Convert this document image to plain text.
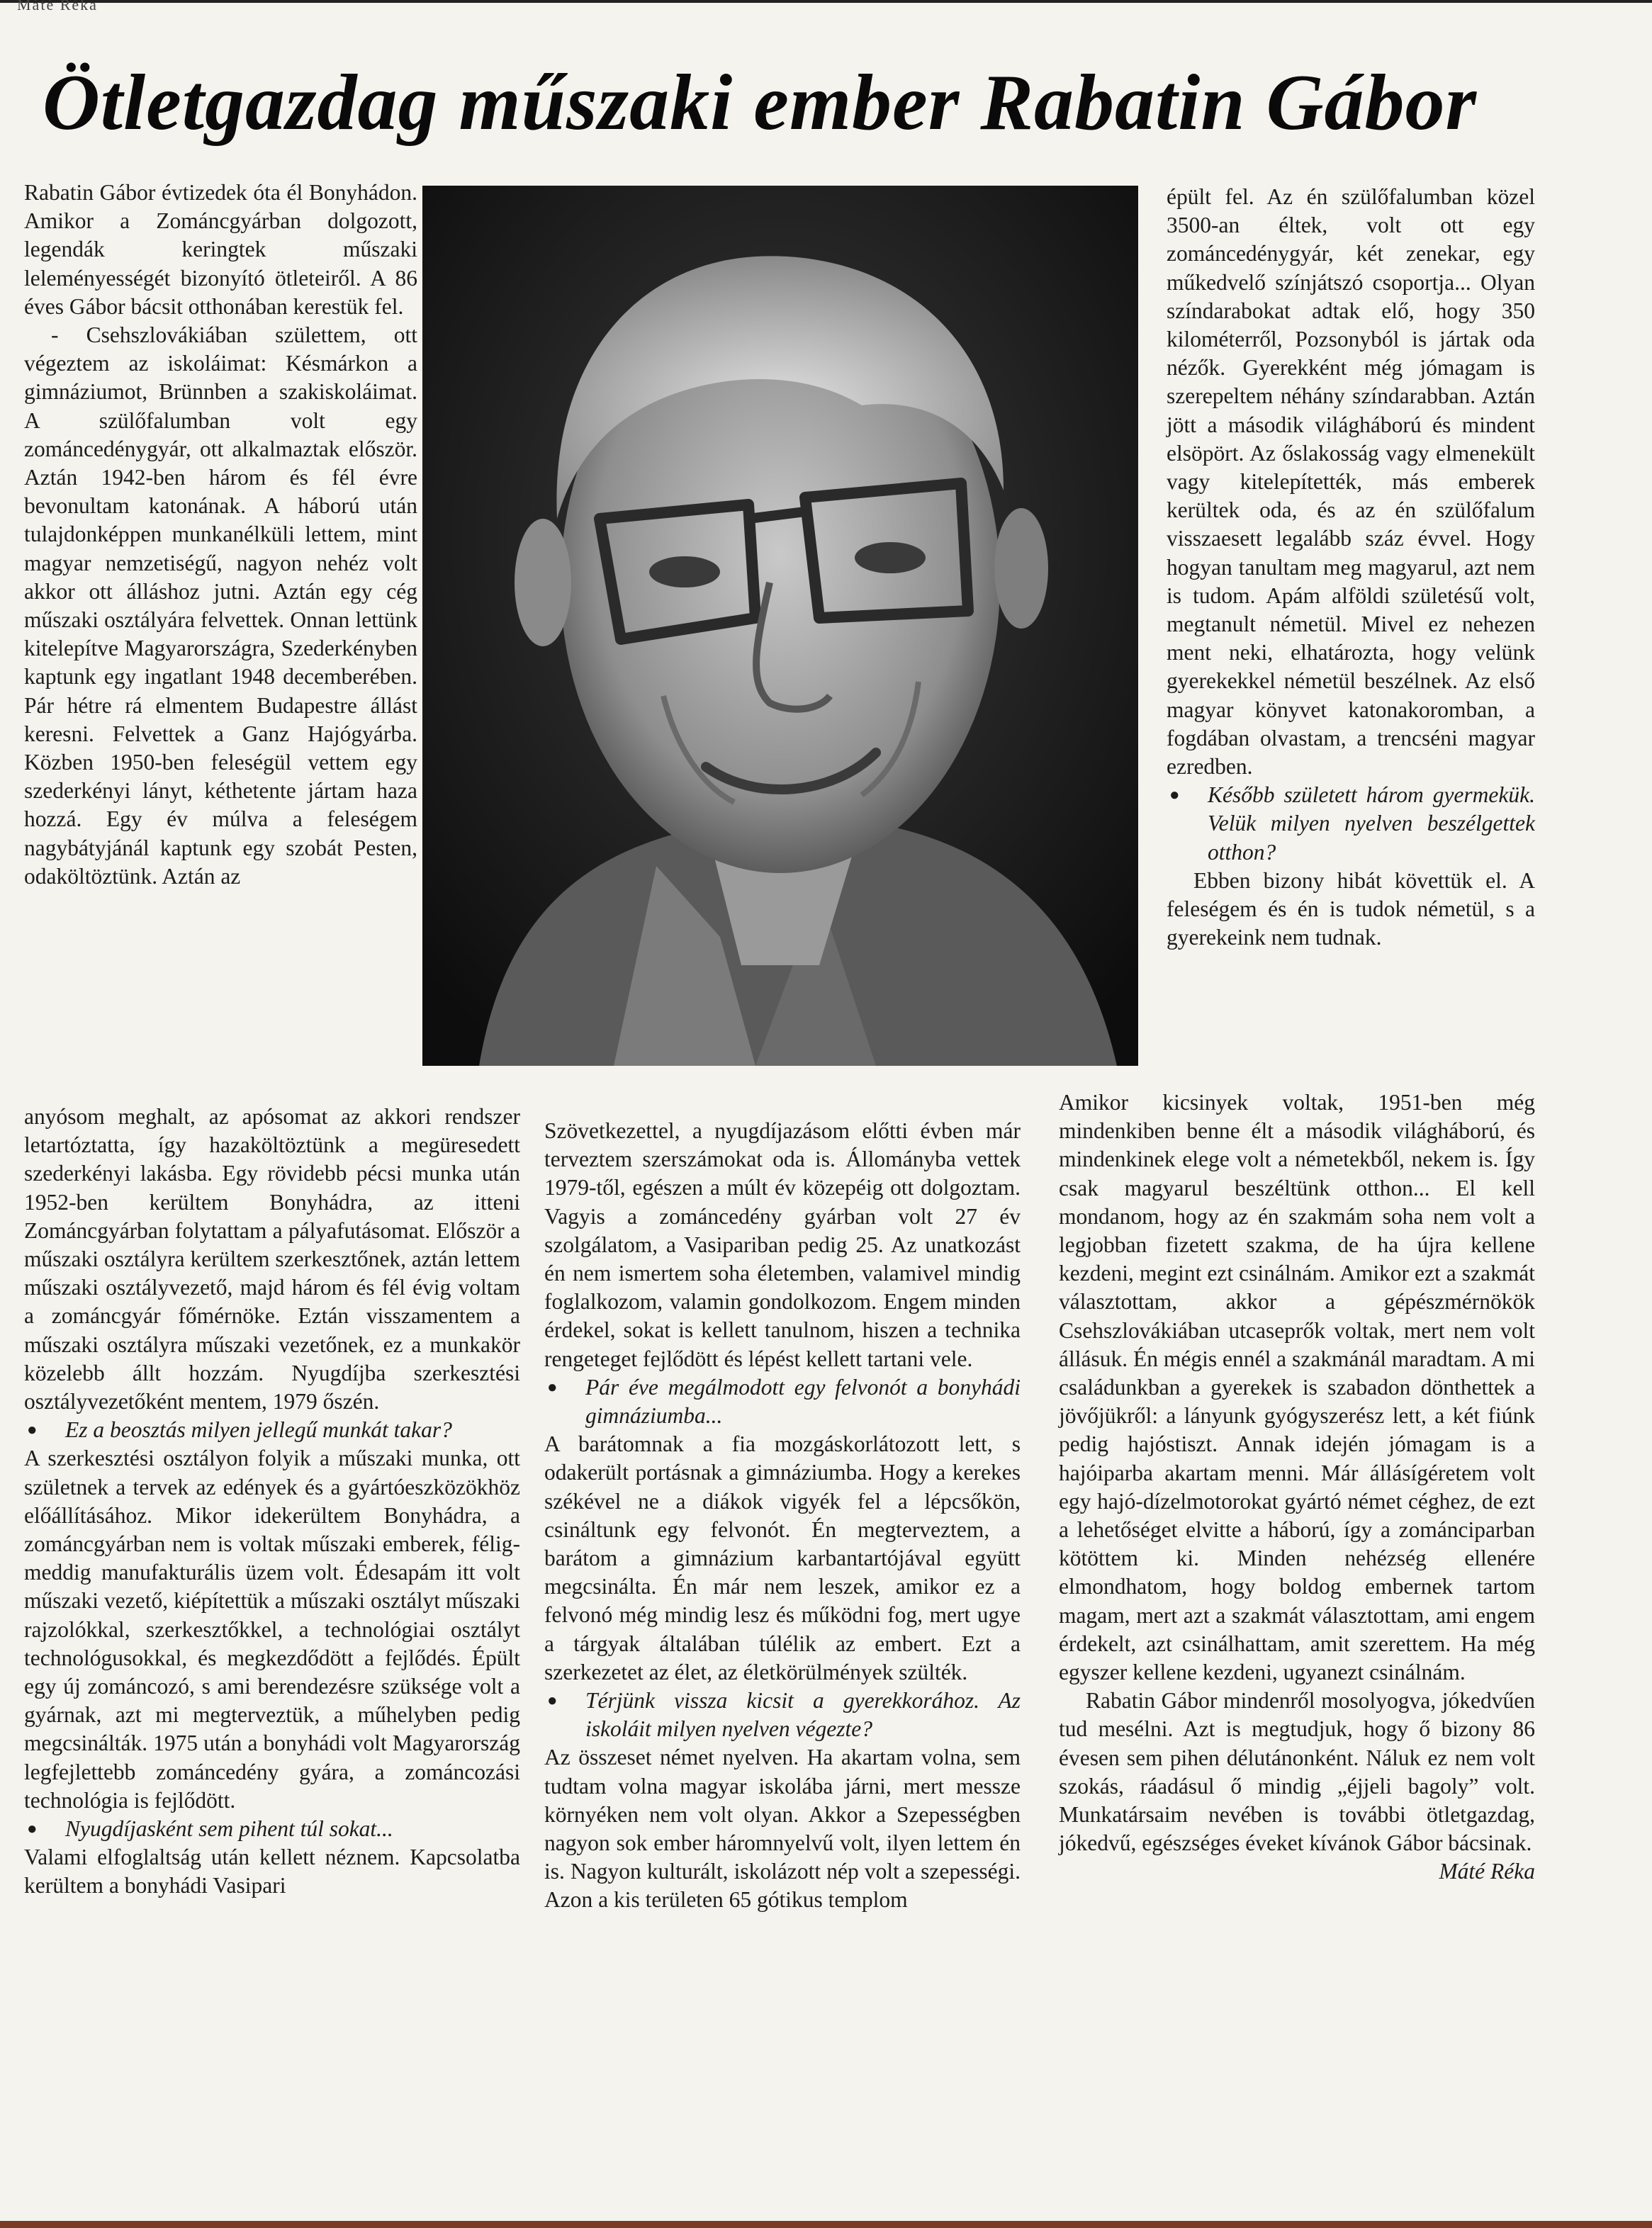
Máté Réka
Ötletgazdag műszaki ember Rabatin Gábor

Rabatin Gábor évtizedek óta él Bonyhádon. Amikor a Zománcgyárban dolgozott, legendák keringtek műszaki leleményességét bizonyító ötleteiről. A 86 éves Gábor bácsit otthonában kerestük fel.

- Csehszlovákiában születtem, ott végeztem az iskoláimat: Késmárkon a gimnáziumot, Brünnben a szakiskoláimat. A szülőfalumban volt egy zománcedénygyár, ott alkalmaztak először. Aztán 1942-ben három és fél évre bevonultam katonának. A háború után tulajdonképpen munkanélküli lettem, mint magyar nemzetiségű, nagyon nehéz volt akkor ott álláshoz jutni. Aztán egy cég műszaki osztályára felvettek. Onnan lettünk kitelepítve Magyarországra, Szederkényben kaptunk egy ingatlant 1948 decemberében. Pár hétre rá elmentem Budapestre állást keresni. Felvettek a Ganz Hajógyárba. Közben 1950-ben feleségül vettem egy szederkényi lányt, kéthetente jártam haza hozzá. Egy év múlva a feleségem nagybátyjánál kaptunk egy szobát Pesten, odaköltöztünk. Aztán az

épült fel. Az én szülőfalumban közel 3500-an éltek, volt ott egy zománcedénygyár, két zenekar, egy műkedvelő színjátszó csoportja... Olyan színdarabokat adtak elő, hogy 350 kilométerről, Pozsonyból is jártak oda nézők. Gyerekként még jómagam is szerepeltem néhány színdarabban. Aztán jött a második világháború és mindent elsöpört. Az őslakosság vagy elmenekült vagy kitelepítették, más emberek kerültek oda, és az én szülőfalum visszaesett legalább száz évvel. Hogy hogyan tanultam meg magyarul, azt nem is tudom. Apám alföldi születésű volt, megtanult németül. Mivel ez nehezen ment neki, elhatározta, hogy velünk gyerekekkel németül beszélnek. Az első magyar könyvet katonakoromban, a fogdában olvastam, a trencséni magyar ezredben.

● Később született három gyermekük. Velük milyen nyelven beszélgettek otthon?

Ebben bizony hibát követtük el. A feleségem és én is tudok németül, s a gyerekeink nem tudnak.

anyósom meghalt, az apósomat az akkori rendszer letartóztatta, így hazaköltöztünk a megüresedett szederkényi lakásba. Egy rövidebb pécsi munka után 1952-ben kerültem Bonyhádra, az itteni Zománcgyárban folytattam a pályafutásomat. Először a műszaki osztályra kerültem szerkesztőnek, aztán lettem műszaki osztályvezető, majd három és fél évig voltam a zománcgyár főmérnöke. Eztán visszamentem a műszaki osztályra műszaki vezetőnek, ez a munkakör közelebb állt hozzám. Nyugdíjba szerkesztési osztályvezetőként mentem, 1979 őszén.

● Ez a beosztás milyen jellegű munkát takar?

A szerkesztési osztályon folyik a műszaki munka, ott születnek a tervek az edények és a gyártóeszközökhöz előállításához. Mikor idekerültem Bonyhádra, a zománcgyárban nem is voltak műszaki emberek, félig-meddig manufakturális üzem volt. Édesapám itt volt műszaki vezető, kiépítettük a műszaki osztályt műszaki rajzolókkal, szerkesztőkkel, a technológiai osztályt technológusokkal, és megkezdődött a fejlődés. Épült egy új zománcozó, s ami berendezésre szüksége volt a gyárnak, azt mi megterveztük, a műhelyben pedig megcsinálták. 1975 után a bonyhádi volt Magyarország legfejlettebb zománcedény gyára, a zománcozási technológia is fejlődött.

● Nyugdíjasként sem pihent túl sokat...

Valami elfoglaltság után kellett néznem. Kapcsolatba kerültem a bonyhádi Vasipari

Szövetkezettel, a nyugdíjazásom előtti évben már terveztem szerszámokat oda is. Állományba vettek 1979-től, egészen a múlt év közepéig ott dolgoztam. Vagyis a zománcedény gyárban volt 27 év szolgálatom, a Vasipariban pedig 25. Az unatkozást én nem ismertem soha életemben, valamivel mindig foglalkozom, valamin gondolkozom. Engem minden érdekel, sokat is kellett tanulnom, hiszen a technika rengeteget fejlődött és lépést kellett tartani vele.

● Pár éve megálmodott egy felvonót a bonyhádi gimnáziumba...

A barátomnak a fia mozgáskorlátozott lett, s odakerült portásnak a gimnáziumba. Hogy a kerekes székével ne a diákok vigyék fel a lépcsőkön, csináltunk egy felvonót. Én megterveztem, a barátom a gimnázium karbantartójával együtt megcsinálta. Én már nem leszek, amikor ez a felvonó még mindig lesz és működni fog, mert ugye a tárgyak általában túlélik az embert. Ezt a szerkezetet az élet, az életkörülmények szülték.

● Térjünk vissza kicsit a gyerekkorához. Az iskoláit milyen nyelven végezte?

Az összeset német nyelven. Ha akartam volna, sem tudtam volna magyar iskolába járni, mert messze környéken nem volt olyan. Akkor a Szepességben nagyon sok ember háromnyelvű volt, ilyen lettem én is. Nagyon kulturált, iskolázott nép volt a szepességi. Azon a kis területen 65 gótikus templom

Amikor kicsinyek voltak, 1951-ben még mindenkiben benne élt a második világháború, és mindenkinek elege volt a németekből, nekem is. Így csak magyarul beszéltünk otthon... El kell mondanom, hogy az én szakmám soha nem volt a legjobban fizetett szakma, de ha újra kellene kezdeni, megint ezt csinálnám. Amikor ezt a szakmát választottam, akkor a gépészmérnökök Csehszlovákiában utcaseprők voltak, mert nem volt állásuk. Én mégis ennél a szakmánál maradtam. A mi családunkban a gyerekek is szabadon dönthettek a jövőjükről: a lányunk gyógyszerész lett, a két fiúnk pedig hajóstiszt. Annak idején jómagam is a hajóiparba akartam menni. Már állásígéretem volt egy hajó-dízelmotorokat gyártó német céghez, de ezt a lehetőséget elvitte a háború, így a zománciparban kötöttem ki. Minden nehézség ellenére elmondhatom, hogy boldog embernek tartom magam, mert azt a szakmát választottam, ami engem érdekelt, azt csinálhattam, amit szerettem. Ha még egyszer kellene kezdeni, ugyanezt csinálnám.

Rabatin Gábor mindenről mosolyogva, jókedvűen tud mesélni. Azt is megtudjuk, hogy ő bizony 86 évesen sem pihen délutánonként. Náluk ez nem volt szokás, ráadásul ő mindig „éjjeli bagoly” volt. Munkatársaim nevében is további ötletgazdag, jókedvű, egészséges éveket kívánok Gábor bácsinak.

Máté Réka
